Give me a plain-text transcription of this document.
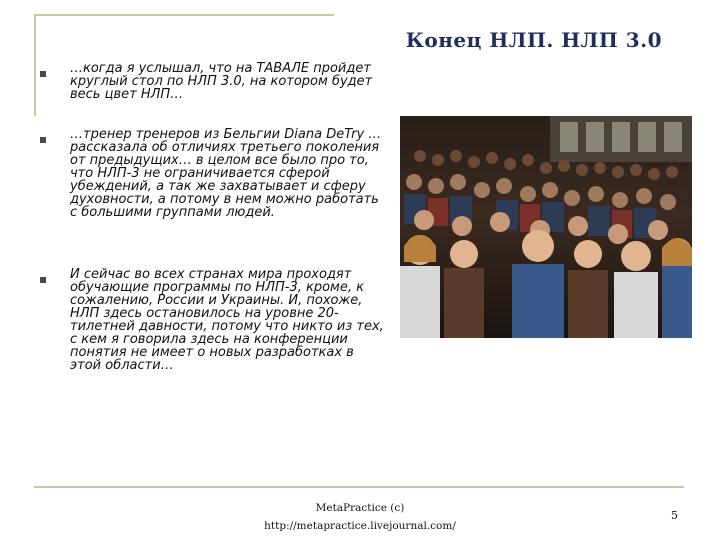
Конец НЛП. НЛП 3.0
…когда я услышал, что на ТАВАЛЕ пройдет круглый стол по НЛП 3.0, на котором будет весь цвет НЛП…
…тренер тренеров из Бельгии Diana DeTry … рассказала об отличиях третьего поколения от предыдущих… в целом все было про то, что НЛП-3 не ограничивается сферой убеждений, а так же захватывает и сферу духовности, а потому в нем можно работать с большими группами людей.
И сейчас во всех странах мира проходят обучающие программы по НЛП-3, кроме, к сожалению, России и Украины. И, похоже, НЛП здесь остановилось на уровне 20-тилетней давности, потому что никто из тех, с кем я говорила здесь на конференции понятия не имеет о новых разработках в этой области…
MetaPractice (c)
http://metapractice.livejournal.com/
5
